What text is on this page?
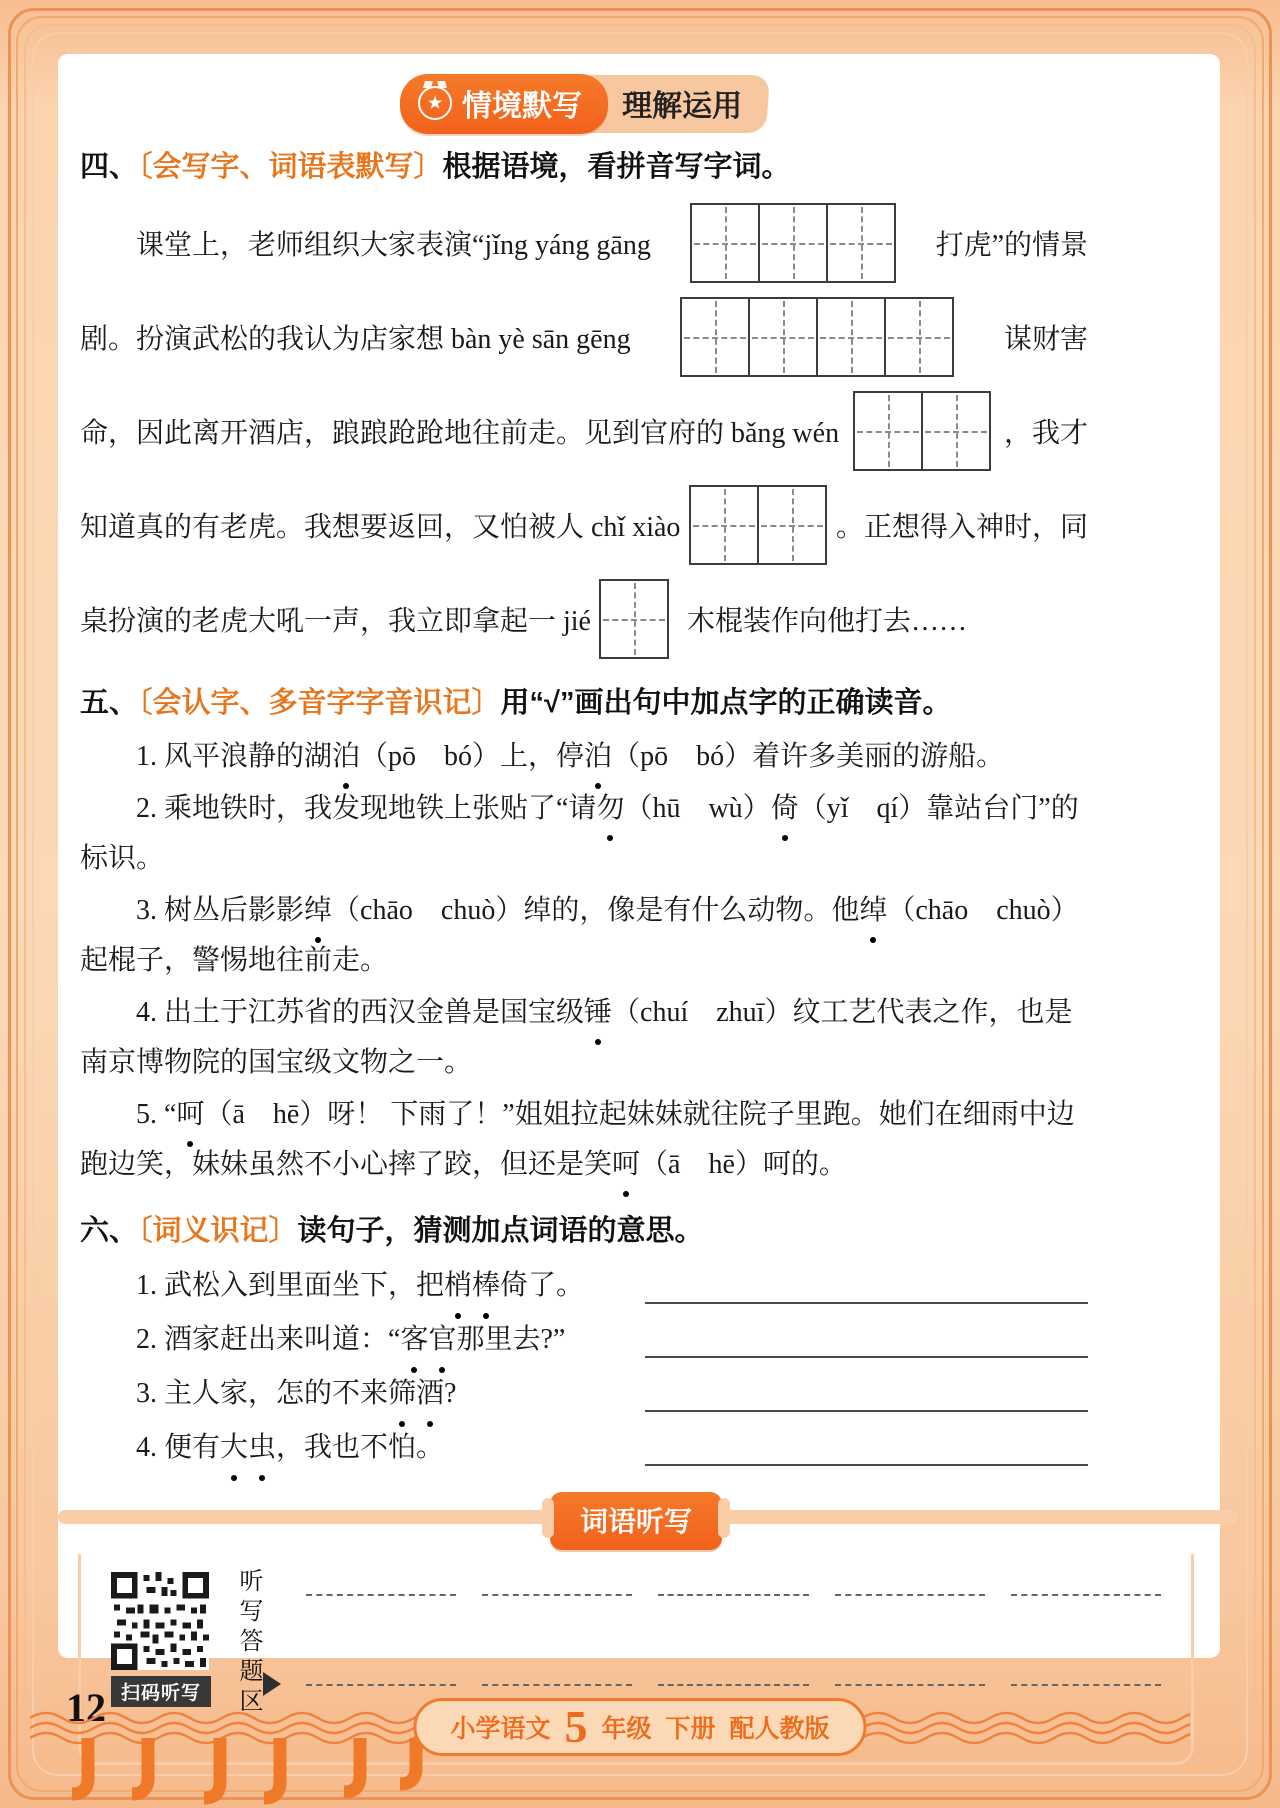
★ 情境默写	理解运用
四、〔会写字、词语表默写〕根据语境，看拼音写字词。
课堂上，老师组织大家表演“jǐng yáng gāng	打虎”的情景
剧。扮演武松的我认为店家想 bàn yè sān gēng	谋财害
命，因此离开酒店，踉踉跄跄地往前走。见到官府的 bǎng wén	，我才
知道真的有老虎。我想要返回，又怕被人 chǐ xiào	。正想得入神时，同
桌扮演的老虎大吼一声，我立即拿起一 jié	木棍装作向他打去……
五、〔会认字、多音字字音识记〕用“√”画出句中加点字的正确读音。
1. 风平浪静的湖泊（pō　bó）上，停泊（pō　bó）着许多美丽的游船。
2. 乘地铁时，我发现地铁上张贴了“请勿（hū　wù）倚（yǐ　qí）靠站台门”的标识。
3. 树丛后影影绰（chāo　chuò）绰的，像是有什么动物。他绰（chāo　chuò）起棍子，警惕地往前走。
4. 出土于江苏省的西汉金兽是国宝级锤（chuí　zhuī）纹工艺代表之作，也是南京博物院的国宝级文物之一。
5. “呵（ā　hē）呀！ 下雨了！”姐姐拉起妹妹就往院子里跑。她们在细雨中边跑边笑，妹妹虽然不小心摔了跤，但还是笑呵（ā　hē）呵的。
六、〔词义识记〕读句子，猜测加点词语的意思。
1. 武松入到里面坐下，把梢棒倚了。
2. 酒家赶出来叫道：“客官那里去?”
3. 主人家，怎的不来筛酒?
4. 便有大虫，我也不怕。
词语听写
扫码听写	听写答题区
12	小学语文 5 年级 下册 配人教版
